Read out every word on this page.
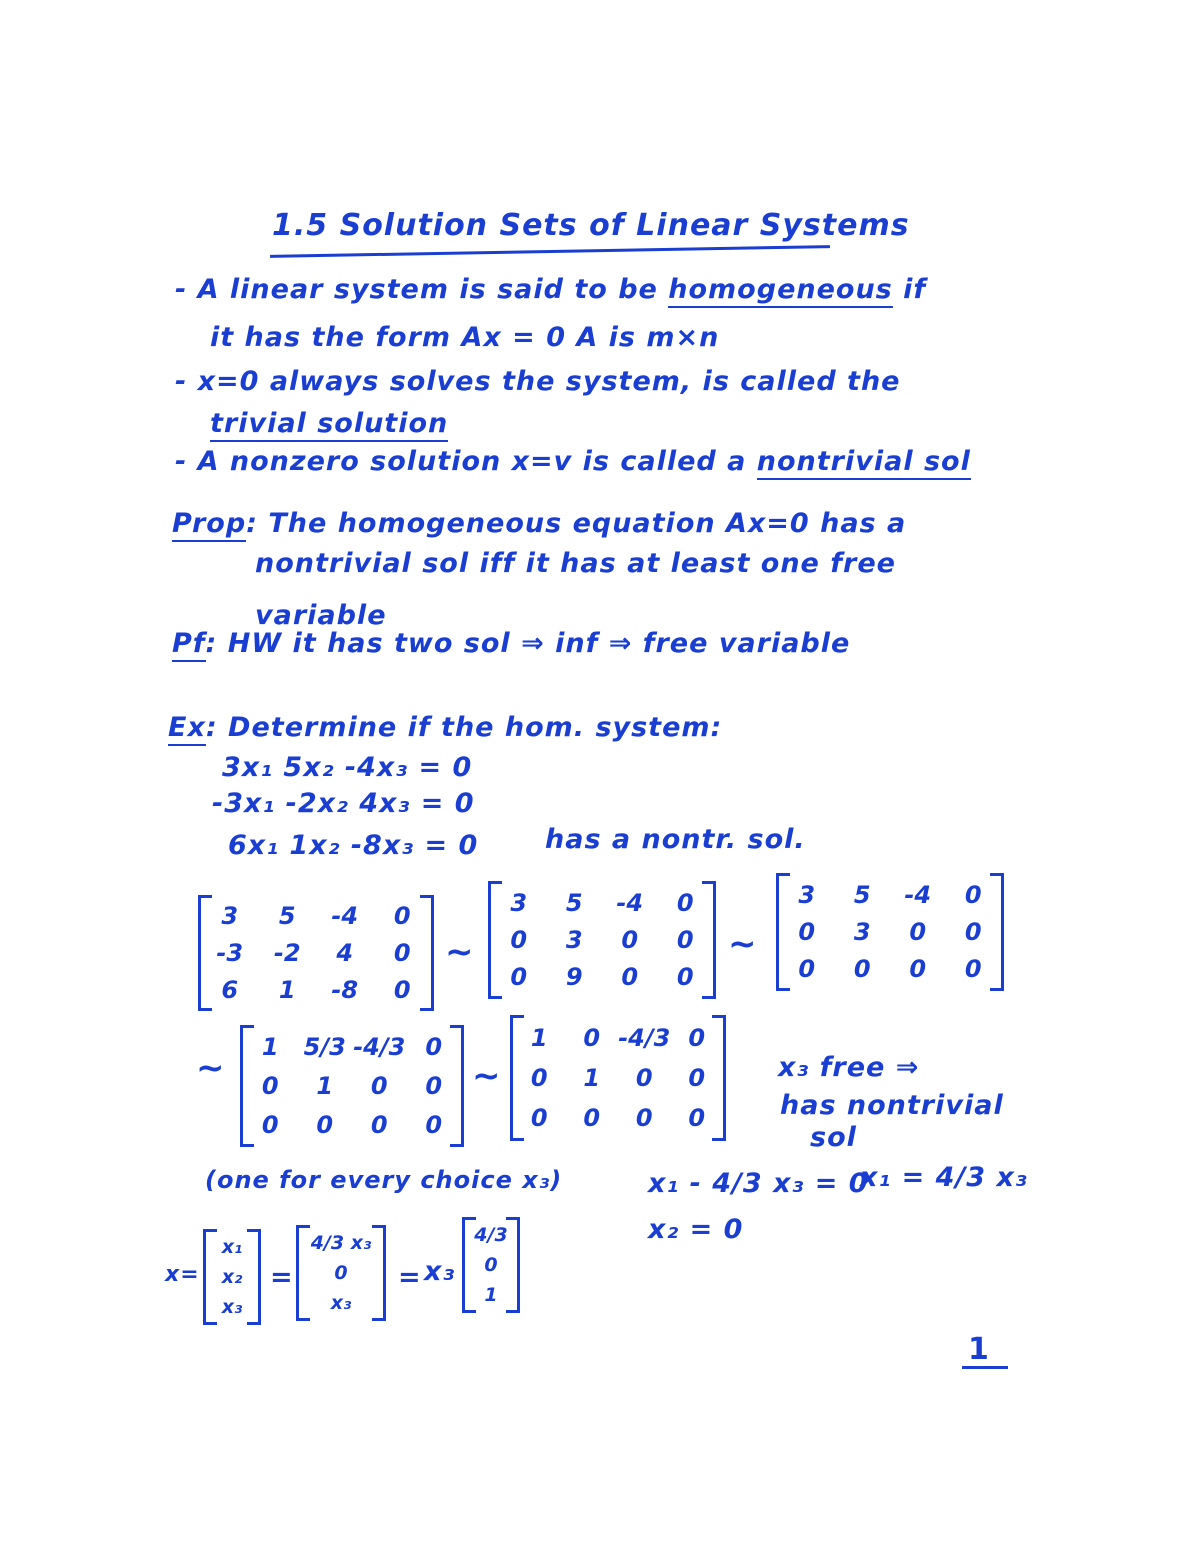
1.5 Solution Sets of Linear Systems
- A linear system is said to be homogeneous if
it has the form Ax = 0 A is m×n
- x=0 always solves the system, is called the
trivial solution
- A nonzero solution x=v is called a nontrivial sol
Prop: The homogeneous equation Ax=0 has a
nontrivial sol iff it has at least one free
variable
Pf: HW it has two sol ⇒ inf ⇒ free variable
Ex: Determine if the hom. system:
3x₁ 5x₂ -4x₃ = 0
-3x₁ -2x₂ 4x₃ = 0
6x₁ 1x₂ -8x₃ = 0 has a nontr. sol.
3 5 -4 0
-3 -2 4 0
6 1 -8 0
~
3 5 -4 0
0 3 0 0
0 9 0 0
~
3 5 -4 0
0 3 0 0
0 0 0 0
~
1 5/3 -4/3 0
0 1 0 0
0 0 0 0
~
1 0 -4/3 0
0 1 0 0
0 0 0 0
x₃ free ⇒
has nontrivial
sol
(one for every choice x₃)	x₁ - 4/3 x₃ = 0
x₁ = 4/3 x₃
x₂ = 0
x=
x₁
x₂
x₃
=
4/3 x₃
0
x₃
= x₃
4/3
0
1
1
